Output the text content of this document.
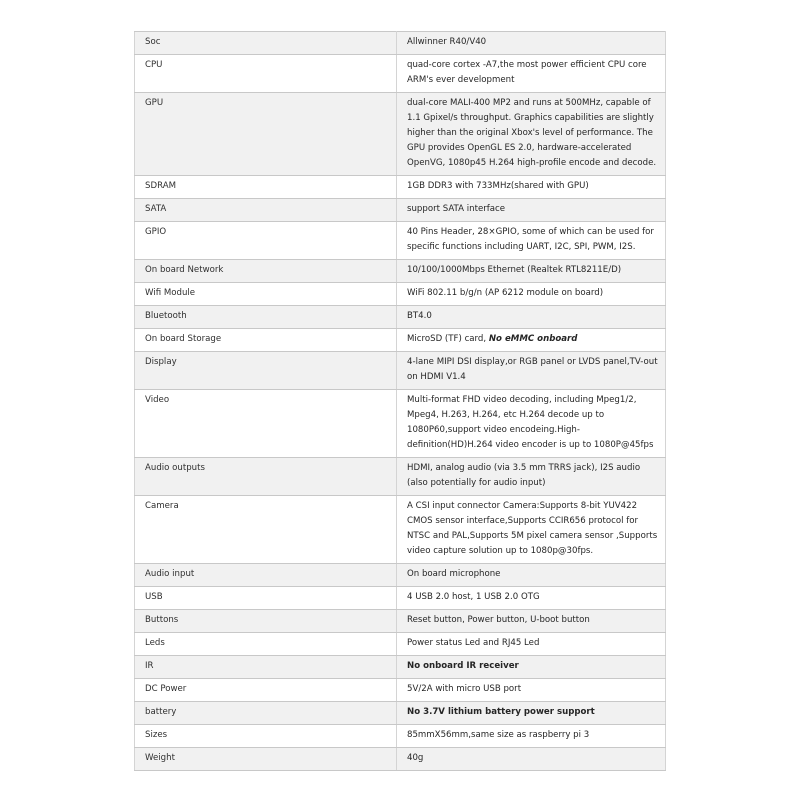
Soc	Allwinner R40/V40
CPU	quad-core cortex -A7,the most power efficient CPU core ARM's ever development
GPU	dual-core MALI-400 MP2 and runs at 500MHz, capable of 1.1 Gpixel/s throughput. Graphics capabilities are slightly higher than the original Xbox's level of performance. The GPU provides OpenGL ES 2.0, hardware-accelerated OpenVG, 1080p45 H.264 high-profile encode and decode.
SDRAM	1GB DDR3 with 733MHz(shared with GPU)
SATA	support SATA interface
GPIO	40 Pins Header, 28×GPIO, some of which can be used for specific functions including UART, I2C, SPI, PWM, I2S.
On board Network	10/100/1000Mbps Ethernet (Realtek RTL8211E/D)
Wifi Module	WiFi 802.11 b/g/n (AP 6212 module on board)
Bluetooth	BT4.0
On board Storage	MicroSD (TF) card, No eMMC onboard
Display	4-lane MIPI DSI display,or RGB panel or LVDS panel,TV-out on HDMI V1.4
Video	Multi-format FHD video decoding, including Mpeg1/2, Mpeg4, H.263, H.264, etc H.264 decode up to 1080P60,support video encodeing.High-definition(HD)H.264 video encoder is up to 1080P@45fps
Audio outputs	HDMI, analog audio (via 3.5 mm TRRS jack), I2S audio (also potentially for audio input)
Camera	A CSI input connector Camera:Supports 8-bit YUV422 CMOS sensor interface,Supports CCIR656 protocol for NTSC and PAL,Supports 5M pixel camera sensor ,Supports video capture solution up to 1080p@30fps.
Audio input	On board microphone
USB	4 USB 2.0 host, 1 USB 2.0 OTG
Buttons	Reset button, Power button, U-boot button
Leds	Power status Led and RJ45 Led
IR	No onboard IR receiver
DC Power	5V/2A with micro USB port
battery	No 3.7V lithium battery power support
Sizes	85mmX56mm,same size as raspberry pi 3
Weight	40g
